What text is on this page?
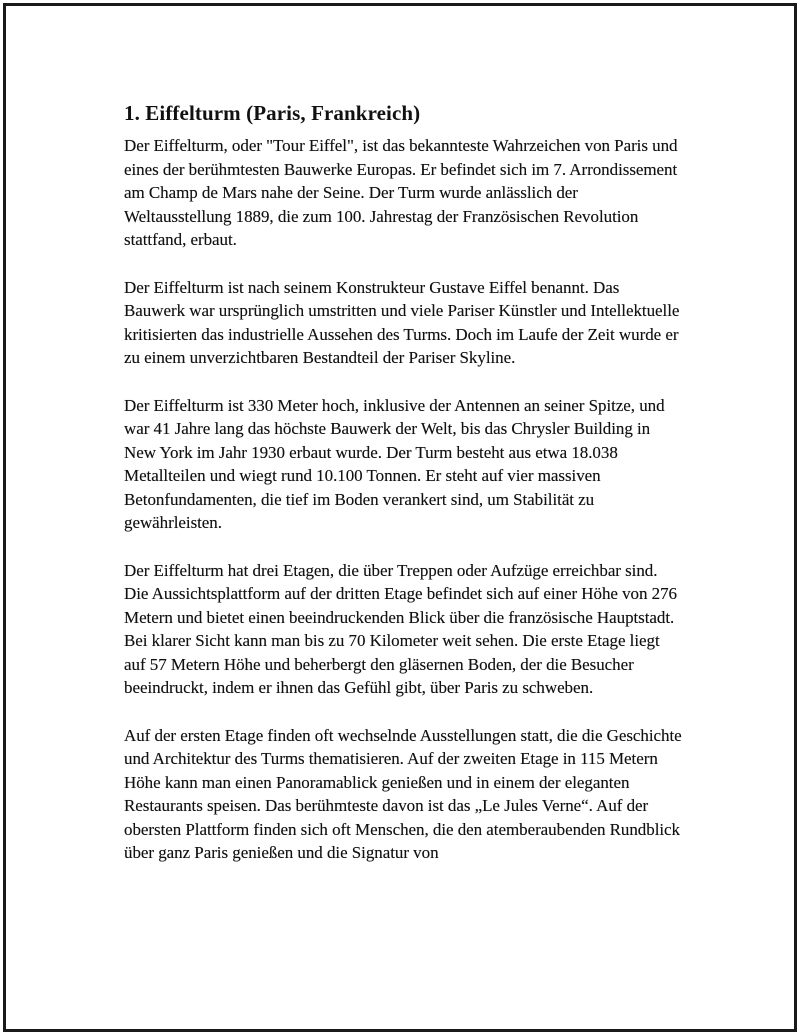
1. Eiffelturm (Paris, Frankreich)

Der Eiffelturm, oder "Tour Eiffel", ist das bekannteste Wahrzeichen von Paris und eines der berühmtesten Bauwerke Europas. Er befindet sich im 7. Arrondissement am Champ de Mars nahe der Seine. Der Turm wurde anlässlich der Weltausstellung 1889, die zum 100. Jahrestag der Französischen Revolution stattfand, erbaut.

Der Eiffelturm ist nach seinem Konstrukteur Gustave Eiffel benannt. Das Bauwerk war ursprünglich umstritten und viele Pariser Künstler und Intellektuelle kritisierten das industrielle Aussehen des Turms. Doch im Laufe der Zeit wurde er zu einem unverzichtbaren Bestandteil der Pariser Skyline.

Der Eiffelturm ist 330 Meter hoch, inklusive der Antennen an seiner Spitze, und war 41 Jahre lang das höchste Bauwerk der Welt, bis das Chrysler Building in New York im Jahr 1930 erbaut wurde. Der Turm besteht aus etwa 18.038 Metallteilen und wiegt rund 10.100 Tonnen. Er steht auf vier massiven Betonfundamenten, die tief im Boden verankert sind, um Stabilität zu gewährleisten.

Der Eiffelturm hat drei Etagen, die über Treppen oder Aufzüge erreichbar sind. Die Aussichtsplattform auf der dritten Etage befindet sich auf einer Höhe von 276 Metern und bietet einen beeindruckenden Blick über die französische Hauptstadt. Bei klarer Sicht kann man bis zu 70 Kilometer weit sehen. Die erste Etage liegt auf 57 Metern Höhe und beherbergt den gläsernen Boden, der die Besucher beeindruckt, indem er ihnen das Gefühl gibt, über Paris zu schweben.

Auf der ersten Etage finden oft wechselnde Ausstellungen statt, die die Geschichte und Architektur des Turms thematisieren. Auf der zweiten Etage in 115 Metern Höhe kann man einen Panoramablick genießen und in einem der eleganten Restaurants speisen. Das berühmteste davon ist das „Le Jules Verne“. Auf der obersten Plattform finden sich oft Menschen, die den atemberaubenden Rundblick über ganz Paris genießen und die Signatur von
